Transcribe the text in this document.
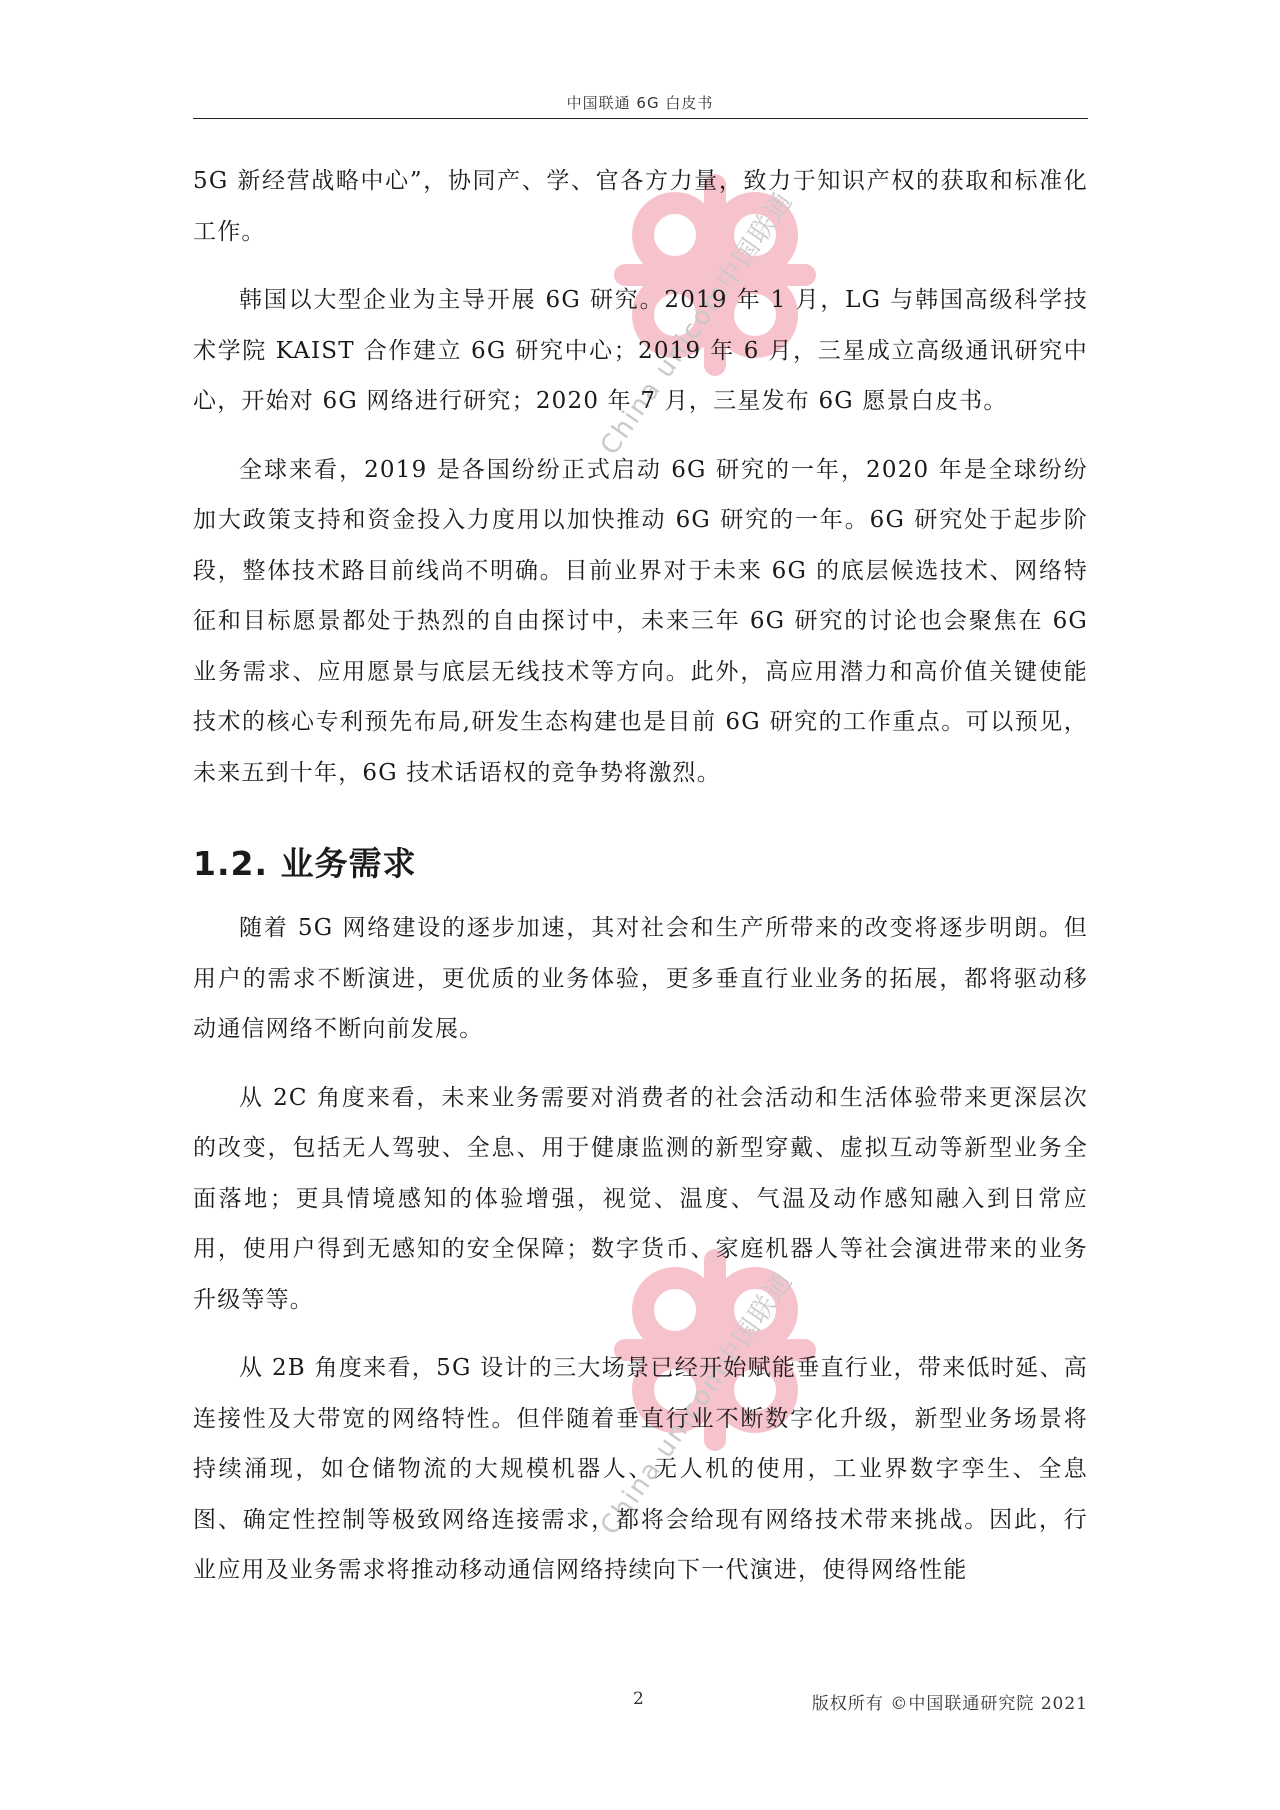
中国联通 6G 白皮书
China unicom中国联通
China unicom中国联通

5G 新经营战略中心”，协同产、学、官各方力量，致力于知识产权的获取和标准化工作。

韩国以大型企业为主导开展 6G 研究。2019 年 1 月，LG 与韩国高级科学技术学院 KAIST 合作建立 6G 研究中心；2019 年 6 月，三星成立高级通讯研究中心，开始对 6G 网络进行研究；2020 年 7 月，三星发布 6G 愿景白皮书。

全球来看，2019 是各国纷纷正式启动 6G 研究的一年，2020 年是全球纷纷加大政策支持和资金投入力度用以加快推动 6G 研究的一年。6G 研究处于起步阶段，整体技术路目前线尚不明确。目前业界对于未来 6G 的底层候选技术、网络特征和目标愿景都处于热烈的自由探讨中，未来三年 6G 研究的讨论也会聚焦在 6G 业务需求、应用愿景与底层无线技术等方向。此外，高应用潜力和高价值关键使能技术的核心专利预先布局,研发生态构建也是目前 6G 研究的工作重点。可以预见，未来五到十年，6G 技术话语权的竞争势将激烈。

1.2. 业务需求

随着 5G 网络建设的逐步加速，其对社会和生产所带来的改变将逐步明朗。但用户的需求不断演进，更优质的业务体验，更多垂直行业业务的拓展，都将驱动移动通信网络不断向前发展。

从 2C 角度来看，未来业务需要对消费者的社会活动和生活体验带来更深层次的改变，包括无人驾驶、全息、用于健康监测的新型穿戴、虚拟互动等新型业务全面落地；更具情境感知的体验增强，视觉、温度、气温及动作感知融入到日常应用，使用户得到无感知的安全保障；数字货币、家庭机器人等社会演进带来的业务升级等等。

从 2B 角度来看，5G 设计的三大场景已经开始赋能垂直行业，带来低时延、高连接性及大带宽的网络特性。但伴随着垂直行业不断数字化升级，新型业务场景将持续涌现，如仓储物流的大规模机器人、无人机的使用，工业界数字孪生、全息图、确定性控制等极致网络连接需求，都将会给现有网络技术带来挑战。因此，行业应用及业务需求将推动移动通信网络持续向下一代演进，使得网络性能

2	版权所有 ©中国联通研究院 2021
